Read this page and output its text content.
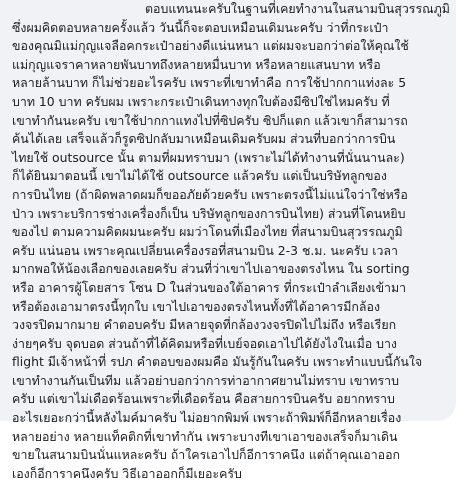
ตอบแทนนะครับในฐานที่เคยทำงานในสนามบินสุวรรณภูมิ
ซึ่งผมคิดตอบหลายครั้งแล้ว วันนี้ก็จะตอบเหมือนเดิมนะครับ ว่าที่กระเป๋า
ของคุณมิแม่กุญแจลือคกระเป๋าอย่างดีแน่นหนา แต่ผมจะบอกว่าต่อให้คุณใช้
แม่กุญแจราคาหลายพันบาทถึงหลายหมื่นบาท หรือหลายแสนบาท หรือ
หลายล้านบาท ก็ไม่ช่วยอะไรครับ เพราะที่เขาทำคือ การใช้ปากกาแท่งละ 5
บาท 10 บาท ครับผม เพราะกระเป๋าเดินทางทุกใบต้องมีซิปใช่ไหมครับ ที่
เขาทำกันนะครับ เขาใช้ปากกาแทงไปที่ซิปครับ ซิปก็แตก แล้วเขาก็สามารถ
ค้นได้เลย เสร็จแล้วก็รูดซิปกลับมาเหมือนเดิมครับผม ส่วนที่บอกว่าการบิน
ไทยใช้ outsource นั้น ตามที่ผมทราบมา (เพราะไม่ได้ทำงานที่นั่นนานละ)
ก็ได้ยินมาตอนนี้ เขาไม่ได้ใช้ outsource แล้วครับ แต่เป็นบริษัทลูกของ
การบินไทย (ถ้าผิดพลาดผมก็ขออภัยด้วยครับ เพราะตรงนี้ไม่แน่ใจว่าใช่หรือ
ป่าว เพราะบริการช่างเครื่องก็เป็น บริษัทลูกของการบินไทย) ส่วนที่โดนหยิบ
ของไป ตามความคิดผมนะครับ ผมว่าโดนที่เมืองไทย ที่สนามบินสุวรรณภูมิ
ครับ แน่นอน เพราะคุณเปลี่ยนเครื่องรอที่สนามบิน 2-3 ช.ม. นะครับ เวลา
มากพอให้น้องเลือกของเลยครับ ส่วนที่ว่าเขาไปเอาของตรงไหน ใน sorting
หรือ อาคารผู้โดยสาร โซน D ในส่วนของใต้อาคาร ที่กระเป๋าลำเลียงเข้ามา
หรือต้องเอามาตรงนี้ทุกใบ เขาไปเอาของตรงไหนทั้งที่ได้อาคารมีกล้อง
วงจรปิดมากมาย คำตอบครับ มีหลายจุดที่กล้องวงจรปิดไปไม่ถึง หรือเรียก
ง่ายๆครับ จุดบอด ส่วนถ้าที่ได้คิดมหรือที่เบย์จอดเอาไปได้ยังไงในเมื่อ บาง
flight มีเจ้าหน้าที่ รปภ คำตอบของผมคือ มันรู้กันในครับ เพราะทำแบบนี้กันใจ
เขาทำงานกันเป็นทีม แล้วอย่าบอกว่าการท่าอากาศยานไม่ทราบ เขาทราบ
ครับ แต่เขาไม่เดือดร้อนเพราะที่เดือดร้อน คือสายการบินครับ อยากทราบ
อะไรเยอะกว่านี้หลังไมค์มาครับ ไม่อยากพิมพ์ เพราะถ้าพิมพ์ก็อีกหลายเรื่อง
หลายอย่าง หลายแท็คติกที่เขาทำกัน เพราะบางทีเขาเอาของเสร็จก็มาเดิน
ขายในสนามบินนั่นแหละครับ ถ้าใครเอาไปก็อีการาคนึง แต่ถ้าคุณเอาออก
เองก็อีการาคนึงครับ วิธีเอาออกก็มีเยอะครับ
